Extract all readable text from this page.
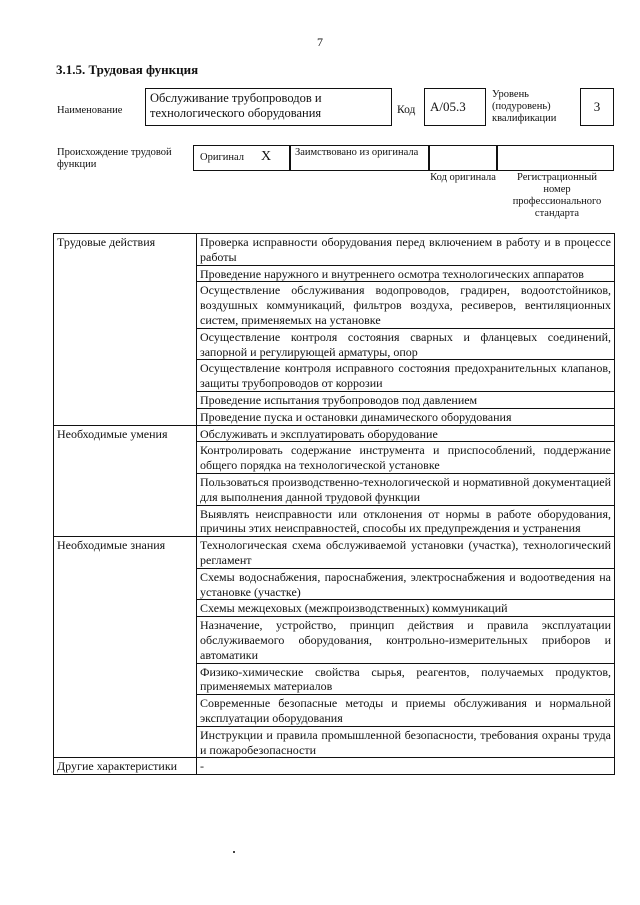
7
3.1.5. Трудовая функция
Наименование
Обслуживание трубопроводов и технологического оборудования	Код	А/05.3
Уровень (подуровень) квалификации
3
Происхождение трудовой функции
Оригинал X	Заимствовано из оригинала
Код оригинала	Регистрационный номер профессионального стандарта
Трудовые действия	Проверка исправности оборудования перед включением в работу и в процессе работы
	Проведение наружного и внутреннего осмотра технологических аппаратов
	Осуществление обслуживания водопроводов, градирен, водоотстойников, воздушных коммуникаций, фильтров воздуха, ресиверов, вентиляционных систем, применяемых на установке
	Осуществление контроля состояния сварных и фланцевых соединений, запорной и регулирующей арматуры, опор
	Осуществление контроля исправного состояния предохранительных клапанов, защиты трубопроводов от коррозии
	Проведение испытания трубопроводов под давлением
	Проведение пуска и остановки динамического оборудования
Необходимые умения	Обслуживать и эксплуатировать оборудование
	Контролировать содержание инструмента и приспособлений, поддержание общего порядка на технологической установке
	Пользоваться производственно-технологической и нормативной документацией для выполнения данной трудовой функции
	Выявлять неисправности или отклонения от нормы в работе оборудования, причины этих неисправностей, способы их предупреждения и устранения
Необходимые знания	Технологическая схема обслуживаемой установки (участка), технологический регламент
	Схемы водоснабжения, пароснабжения, электроснабжения и водоотведения на установке (участке)
	Схемы межцеховых (межпроизводственных) коммуникаций
	Назначение, устройство, принцип действия и правила эксплуатации обслуживаемого оборудования, контрольно-измерительных приборов и автоматики
	Физико-химические свойства сырья, реагентов, получаемых продуктов, применяемых материалов
	Современные безопасные методы и приемы обслуживания и нормальной эксплуатации оборудования
	Инструкции и правила промышленной безопасности, требования охраны труда и пожаробезопасности
Другие характеристики	-
